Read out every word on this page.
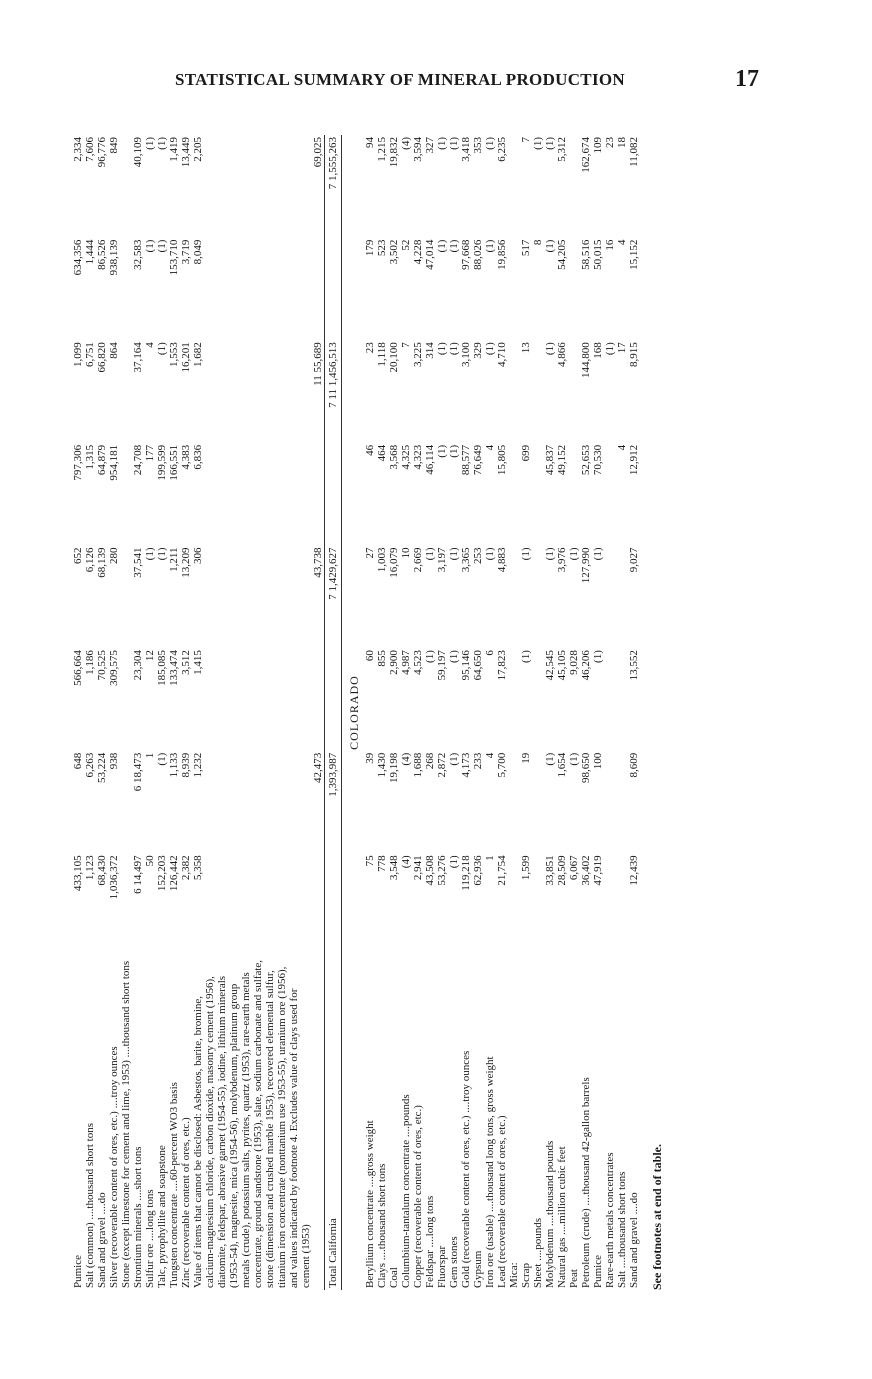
STATISTICAL SUMMARY OF MINERAL PRODUCTION	17
Pumice	433,105	648	566,664	652	797,306	1,099	634,356	2,334
Salt (common) ....thousand short tons	1,123	6,263	1,186	6,126	1,315	6,751	1,444	7,606
Sand and gravel ....do	68,430	53,224	70,525	68,139	64,879	66,820	86,526	96,776
Silver (recoverable content of ores, etc.) ....troy ounces	1,036,372	938	309,575	280	954,181	864	938,139	849
Stone (except limestone for cement and lime, 1953) ....thousand short tons								
Strontium minerals ....short tons	6 14,497	6 18,473	23,304	37,541	24,708	37,164	32,583	40,109
Sulfur ore ....long tons	50	1	12	(1)	177	4	(1)	(1)
Talc, pyrophyllite and soapstone	152,203	(1)	185,085	(1)	199,599	(1)	(1)	(1)
Tungsten concentrate ....60-percent WO3 basis	126,442	1,133	133,474	1,211	166,551	1,553	153,710	1,419
Zinc (recoverable content of ores, etc.)	2,382	8,939	3,512	13,209	4,383	16,201	3,719	13,449
Value of items that cannot be disclosed: Asbestos, barite, bromine, calcium-magnesium chloride, carbon dioxide, masonry cement (1956), diatomite, feldspar, abrasive garnet (1954-55), iodine, lithium minerals (1953-54), magnesite, mica (1954-56), molybdenum, platinum group metals (crude), potassium salts, pyrites, quartz (1953), rare-earth metals concentrate, ground sandstone (1953), slate, sodium carbonate and sulfate, stone (dimension and crushed marble 1953), recovered elemental sulfur, titanium iron concentrate (nonttanium use 1953-55), uranium ore (1956), and values indicated by footnote 4. Excludes value of clays used for cement (1953)	5,358	1,232	1,415	306	6,836	1,682	8,049	2,205
		42,473		43,738		11 55,689		69,025
Total California		1,393,987		7 1,429,627		7 11 1,456,513		7 1,555,263
COLORADO								
Beryllium concentrate ....gross weight	75	39	60	27	46	23	179	94
Clays ....thousand short tons	778	1,430	855	1,003	464	1,118	523	1,215
Coal	3,548	19,198	2,900	16,079	3,568	20,100	3,502	19,832
Columbium-tantalum concentrate ....pounds	(4)	(4)	4,987	10	4,325	7	52	(4)
Copper (recoverable content of ores, etc.)	2,941	1,688	4,523	2,669	4,323	3,225	4,228	3,594
Feldspar ....long tons	43,508	268	(1)	(1)	46,114	314	47,014	327
Fluorspar	53,276	2,872	59,197	3,197	(1)	(1)	(1)	(1)
Gem stones	(1)	(1)	(1)	(1)	(1)	(1)	(1)	(1)
Gold (recoverable content of ores, etc.) ....troy ounces	119,218	4,173	95,146	3,365	88,577	3,100	97,668	3,418
Gypsum	62,936	233	64,650	253	76,649	329	88,026	353
Iron ore (usable) ....thousand long tons, gross weight	1	4	6	(1)	4	(1)	(1)	(1)
Lead (recoverable content of ores, etc.)	21,754	5,700	17,823	4,883	15,805	4,710	19,856	6,235
Mica:								
Scrap	1,599	19	(1)	(1)	699	13	517	7
Sheet ....pounds							8	(1)
Molybdenum ....thousand pounds	33,851	(1)	42,545	(1)	45,837	(1)	(1)	(1)
Natural gas ....million cubic feet	28,509	1,654	45,105	3,976	49,152	4,866	54,205	5,312
Peat	6,067	(1)	9,028	(1)				
Petroleum (crude) ....thousand 42-gallon barrels	36,402	98,650	46,206	127,990	52,653	144,800	58,516	162,674
Pumice	47,919	100	(1)	(1)	70,530	168	50,015	109
Rare-earth metals concentrates						(1)	16	23
Salt ....thousand short tons					4	17	4	18
Sand and gravel ....do	12,439	8,609	13,552	9,027	12,912	8,915	15,152	11,082
See footnotes at end of table.
